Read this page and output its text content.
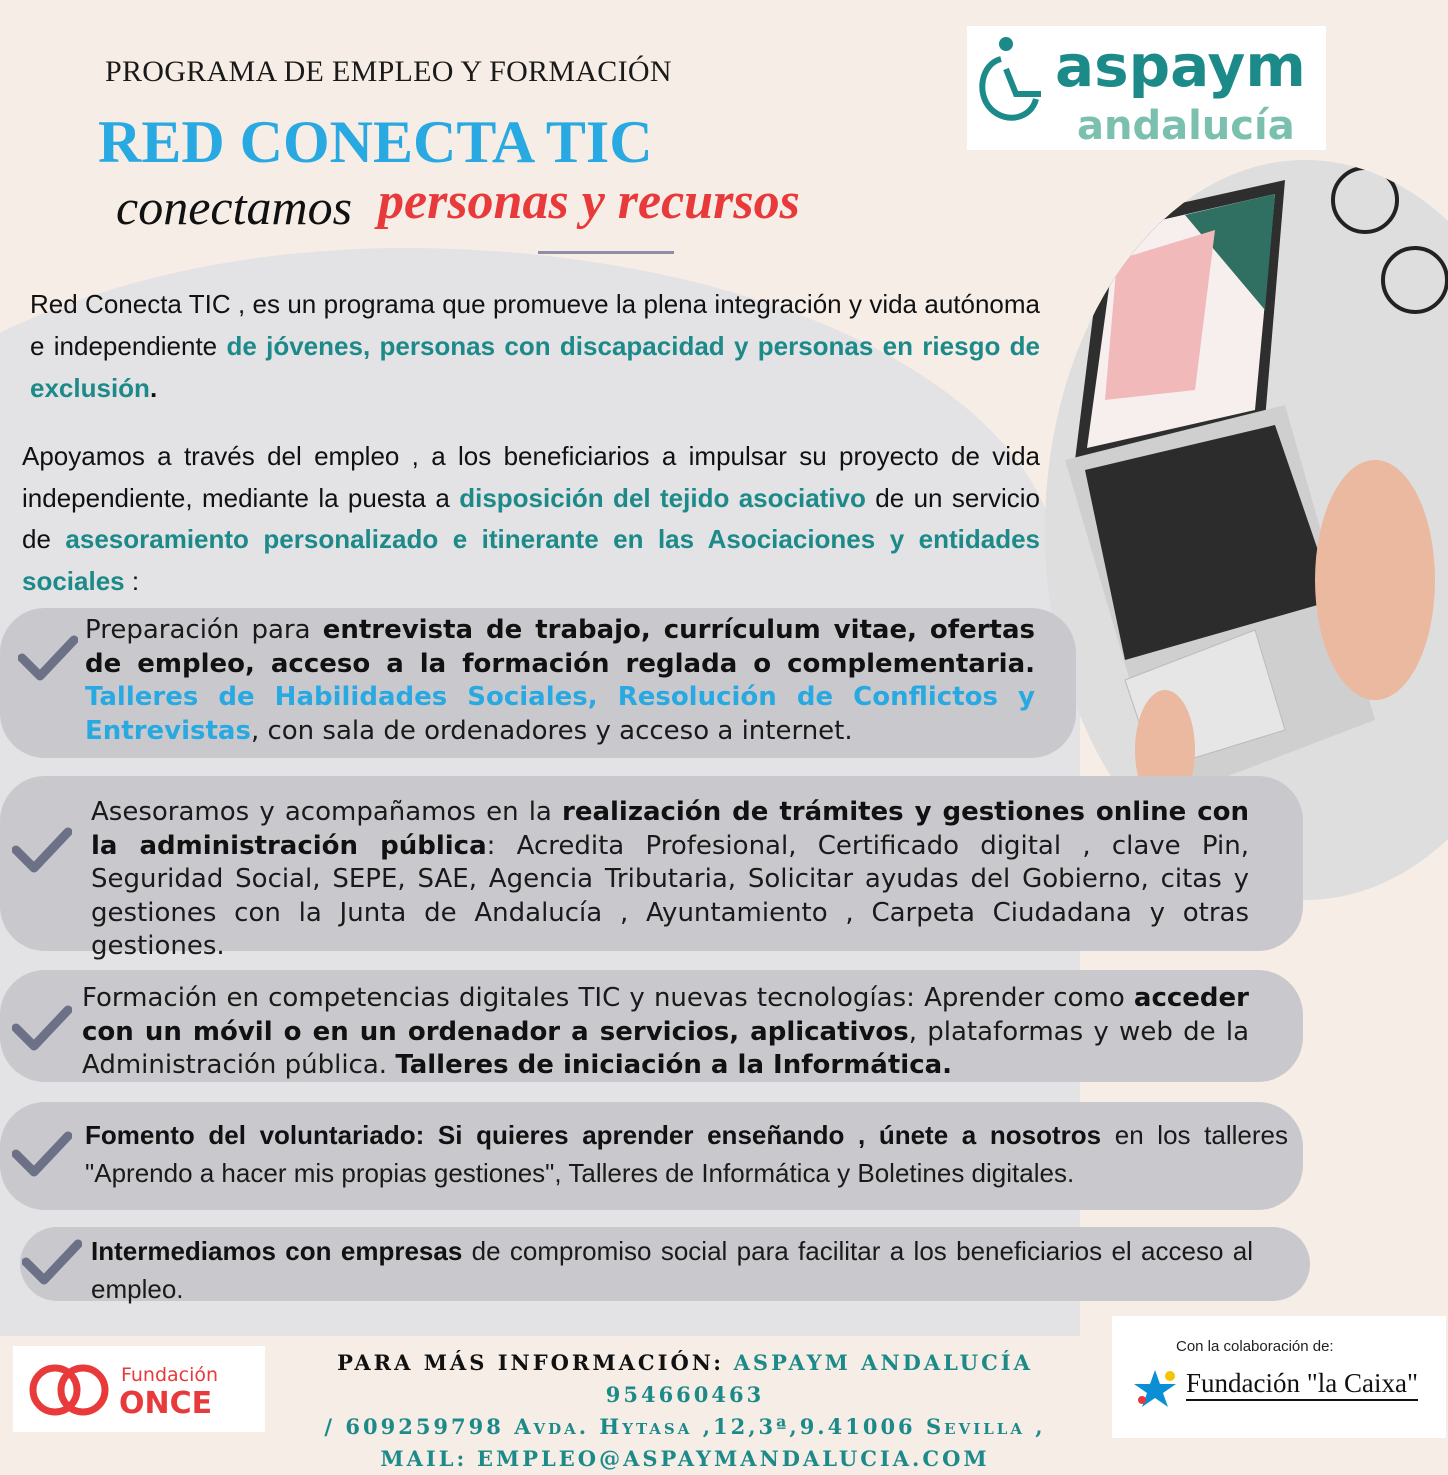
PROGRAMA DE EMPLEO Y FORMACIÓN
RED CONECTA TIC
conectamos personas y recursos
aspaym
andalucía
Red Conecta TIC , es un programa que promueve la plena integración y vida autónoma e independiente de jóvenes, personas con discapacidad y personas en riesgo de exclusión.
Apoyamos a través del empleo , a los beneficiarios a impulsar su proyecto de vida independiente, mediante la puesta a disposición del tejido asociativo de un servicio de asesoramiento personalizado e itinerante en las Asociaciones y entidades sociales :
Preparación para entrevista de trabajo, currículum vitae, ofertas de empleo, acceso a la formación reglada o complementaria. Talleres de Habilidades Sociales, Resolución de Conflictos y Entrevistas, con sala de ordenadores y acceso a internet.
Asesoramos y acompañamos en la realización de trámites y gestiones online con la administración pública: Acredita Profesional, Certificado digital , clave Pin, Seguridad Social, SEPE, SAE, Agencia Tributaria, Solicitar ayudas del Gobierno, citas y gestiones con la Junta de Andalucía , Ayuntamiento , Carpeta Ciudadana y otras gestiones.
Formación en competencias digitales TIC y nuevas tecnologías: Aprender como acceder con un móvil o en un ordenador a servicios, aplicativos, plataformas y web de la Administración pública. Talleres de iniciación a la Informática.
Fomento del voluntariado: Si quieres aprender enseñando , únete a nosotros en los talleres "Aprendo a hacer mis propias gestiones", Talleres de Informática y Boletines digitales.
Intermediamos con empresas de compromiso social para facilitar a los beneficiarios el acceso al empleo.
Fundación
ONCE
PARA MÁS INFORMACIÓN: ASPAYM ANDALUCÍA 954660463
/ 609259798 Avda. Hytasa ,12,3ª,9.41006 Sevilla ,
MAIL: EMPLEO@ASPAYMANDALUCIA.COM
Con la colaboración de:
Fundación "la Caixa"
